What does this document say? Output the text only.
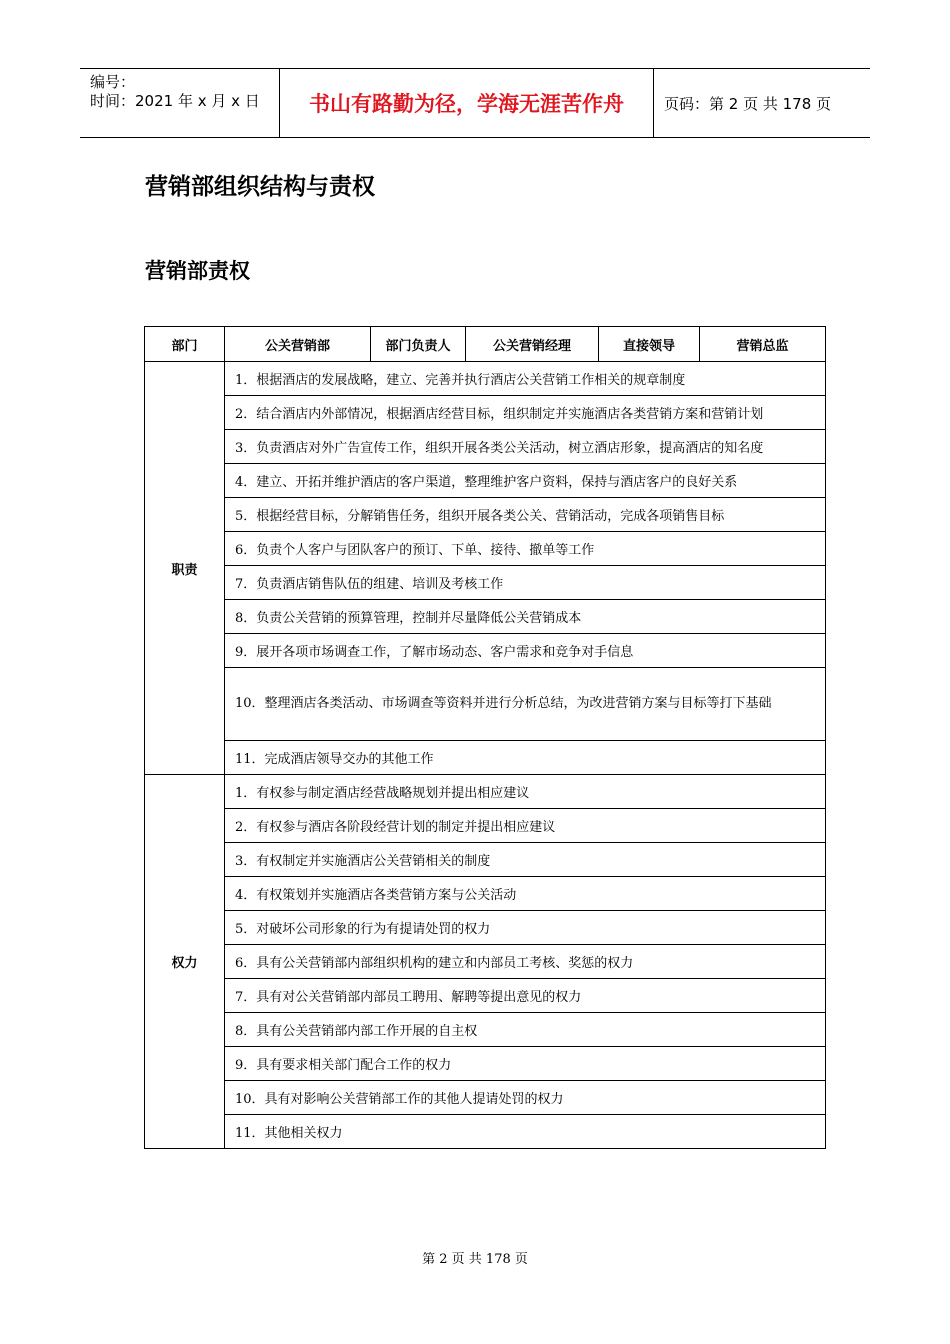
编号：
时间：2021 年 x 月 x 日	书山有路勤为径，学海无涯苦作舟	页码：第 2 页 共 178 页
营销部组织结构与责权
营销部责权
部门	公关营销部	部门负责人	公关营销经理	直接领导	营销总监
职责	1．根据酒店的发展战略，建立、完善并执行酒店公关营销工作相关的规章制度				
	2．结合酒店内外部情况，根据酒店经营目标，组织制定并实施酒店各类营销方案和营销计划				
	3．负责酒店对外广告宣传工作，组织开展各类公关活动，树立酒店形象，提高酒店的知名度				
	4．建立、开拓并维护酒店的客户渠道，整理维护客户资料，保持与酒店客户的良好关系				
	5．根据经营目标，分解销售任务，组织开展各类公关、营销活动，完成各项销售目标				
	6．负责个人客户与团队客户的预订、下单、接待、撤单等工作				
	7．负责酒店销售队伍的组建、培训及考核工作				
	8．负责公关营销的预算管理，控制并尽量降低公关营销成本				
	9．展开各项市场调查工作，了解市场动态、客户需求和竞争对手信息				
	10．整理酒店各类活动、市场调查等资料并进行分析总结，为改进营销方案与目标等打下基础				
	11．完成酒店领导交办的其他工作				
权力	1．有权参与制定酒店经营战略规划并提出相应建议				
	2．有权参与酒店各阶段经营计划的制定并提出相应建议				
	3．有权制定并实施酒店公关营销相关的制度				
	4．有权策划并实施酒店各类营销方案与公关活动				
	5．对破坏公司形象的行为有提请处罚的权力				
	6．具有公关营销部内部组织机构的建立和内部员工考核、奖惩的权力				
	7．具有对公关营销部内部员工聘用、解聘等提出意见的权力				
	8．具有公关营销部内部工作开展的自主权				
	9．具有要求相关部门配合工作的权力				
	10．具有对影响公关营销部工作的其他人提请处罚的权力				
	11．其他相关权力				
第 2 页 共 178 页
